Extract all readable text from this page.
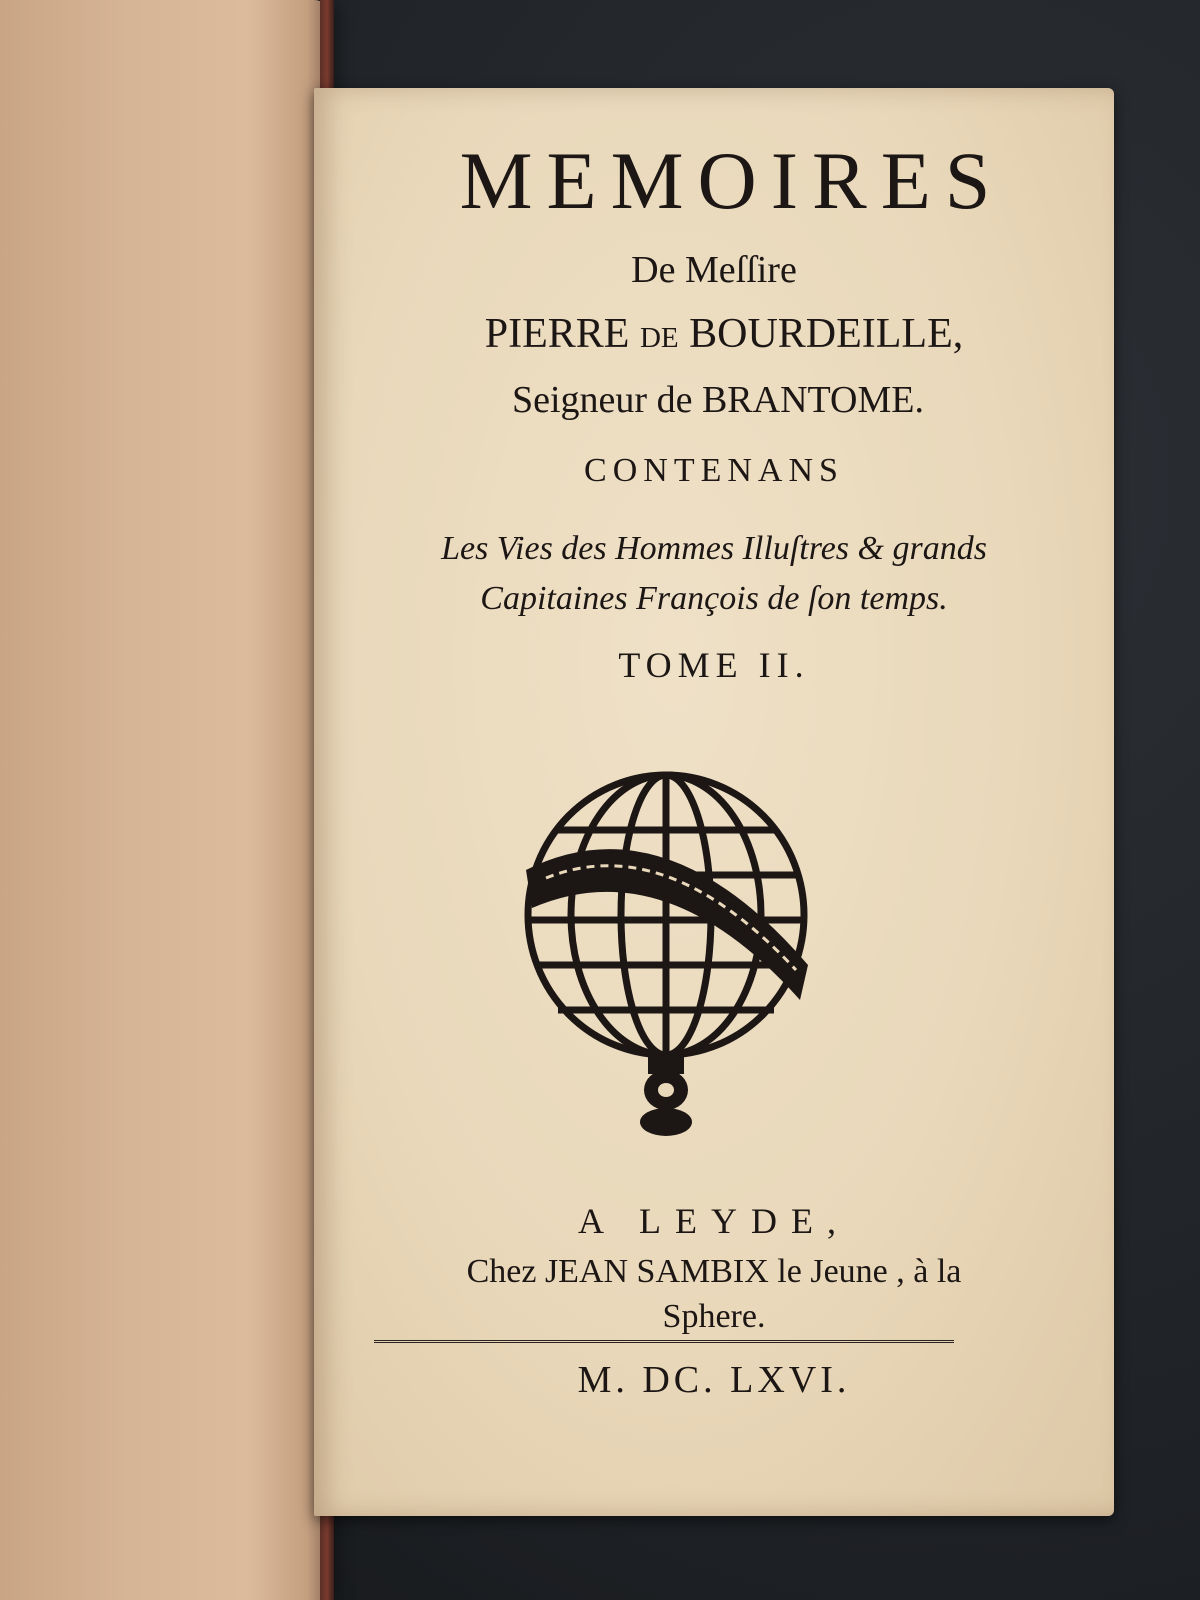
MEMOIRES
De Meſſire
PIERRE de BOURDEILLE,
Seigneur de BRANTOME.
CONTENANS
Les Vies des Hommes Illuſtres & grands
Capitaines François de ſon temps.
TOME II.
A LEYDE,
Chez JEAN SAMBIX le Jeune , à la
Sphere.
M. DC. LXVI.
